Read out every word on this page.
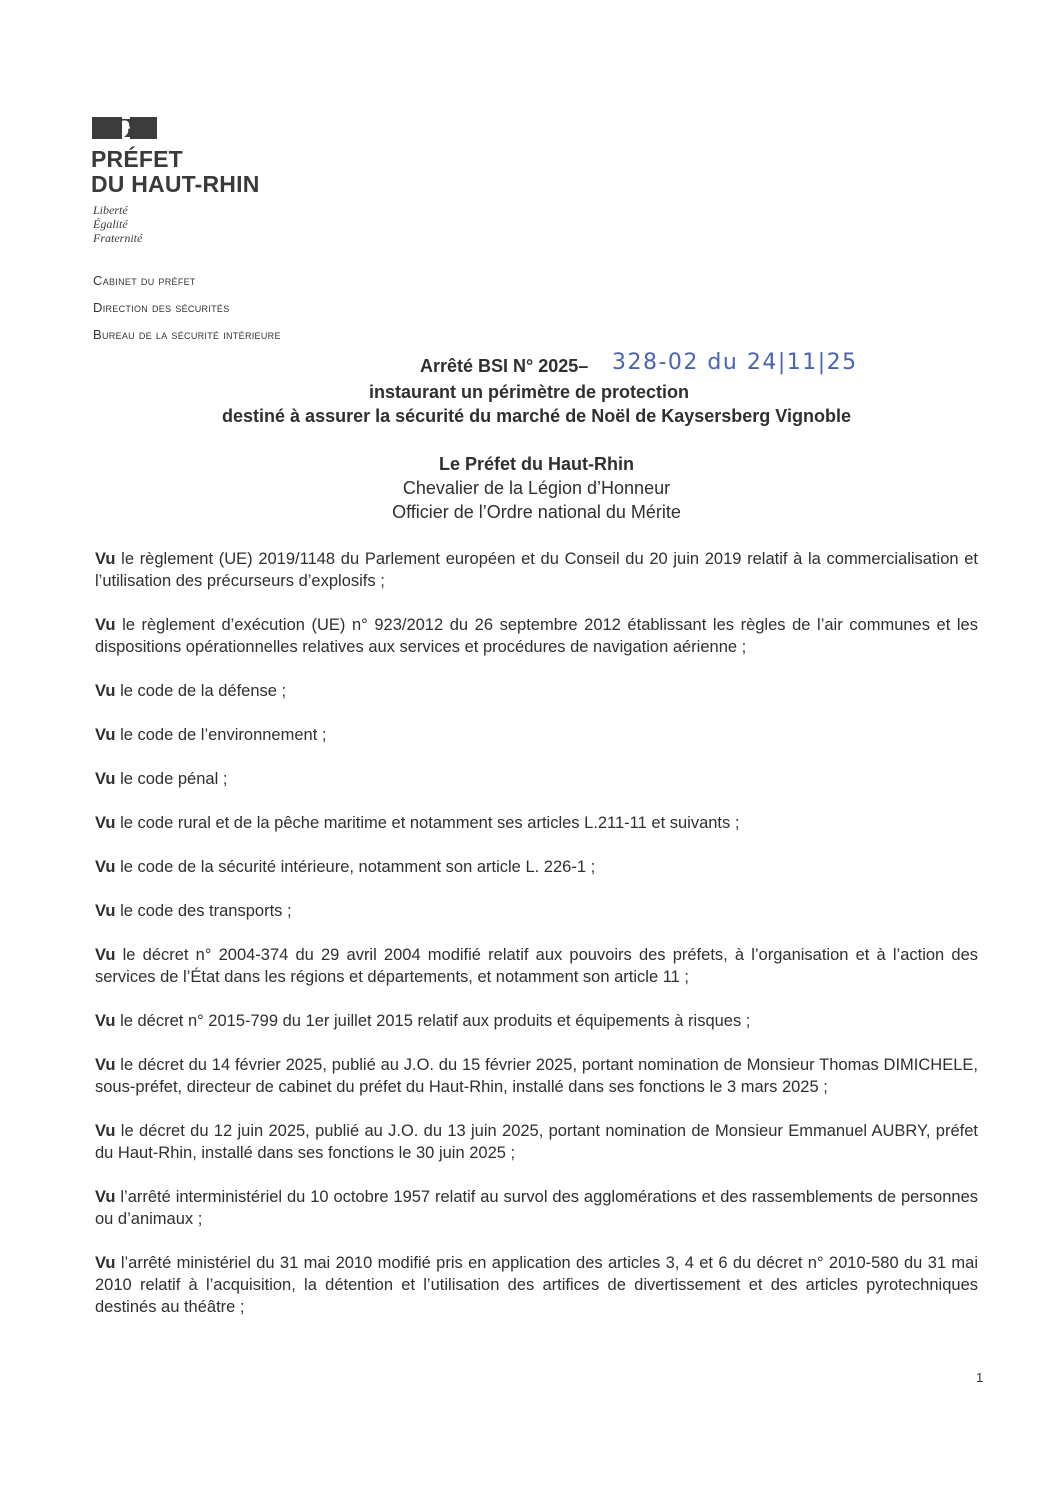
PRÉFET
DU HAUT-RHIN
Liberté
Égalité
Fraternité
Cabinet du préfet
Direction des sécurités
Bureau de la sécurité intérieure
Arrêté BSI N° 2025– 328-02 du 24|11|25
instaurant un périmètre de protection
destiné à assurer la sécurité du marché de Noël de Kaysersberg Vignoble
Le Préfet du Haut-Rhin
Chevalier de la Légion d’Honneur
Officier de l’Ordre national du Mérite

Vu le règlement (UE) 2019/1148 du Parlement européen et du Conseil du 20 juin 2019 relatif à la commercialisation et l’utilisation des précurseurs d’explosifs ;

Vu le règlement d’exécution (UE) n° 923/2012 du 26 septembre 2012 établissant les règles de l’air communes et les dispositions opérationnelles relatives aux services et procédures de navigation aérienne ;

Vu le code de la défense ;

Vu le code de l’environnement ;

Vu le code pénal ;

Vu le code rural et de la pêche maritime et notamment ses articles L.211-11 et suivants ;

Vu le code de la sécurité intérieure, notamment son article L. 226-1 ;

Vu le code des transports ;

Vu le décret n° 2004-374 du 29 avril 2004 modifié relatif aux pouvoirs des préfets, à l’organisation et à l’action des services de l’État dans les régions et départements, et notamment son article 11 ;

Vu le décret n° 2015-799 du 1er juillet 2015 relatif aux produits et équipements à risques ;

Vu le décret du 14 février 2025, publié au J.O. du 15 février 2025, portant nomination de Monsieur Thomas DIMICHELE, sous-préfet, directeur de cabinet du préfet du Haut-Rhin, installé dans ses fonctions le 3 mars 2025 ;

Vu le décret du 12 juin 2025, publié au J.O. du 13 juin 2025, portant nomination de Monsieur Emmanuel AUBRY, préfet du Haut-Rhin, installé dans ses fonctions le 30 juin 2025 ;

Vu l’arrêté interministériel du 10 octobre 1957 relatif au survol des agglomérations et des rassemblements de personnes ou d’animaux ;

Vu l’arrêté ministériel du 31 mai 2010 modifié pris en application des articles 3, 4 et 6 du décret n° 2010-580 du 31 mai 2010 relatif à l’acquisition, la détention et l’utilisation des artifices de divertissement et des articles pyrotechniques destinés au théâtre ;

1
